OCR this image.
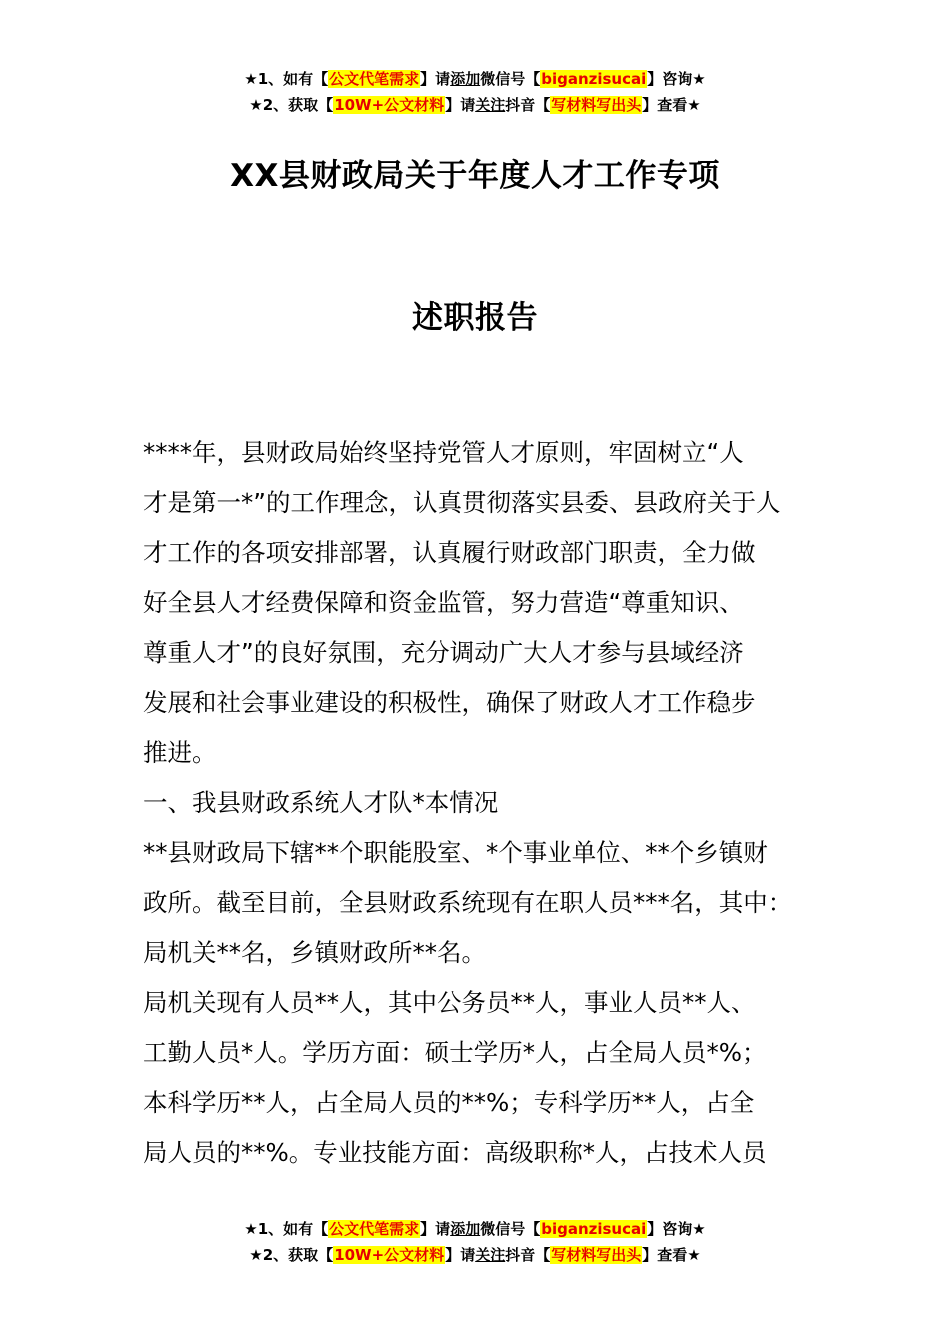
★1、如有【公文代笔需求】请添加微信号【biganzisucai】咨询★
★2、获取【10W+公文材料】请关注抖音【写材料写出头】查看★
XX县财政局关于年度人才工作专项
述职报告
****年，县财政局始终坚持党管人才原则，牢固树立“人
才是第一*”的工作理念，认真贯彻落实县委、县政府关于人
才工作的各项安排部署，认真履行财政部门职责，全力做
好全县人才经费保障和资金监管，努力营造“尊重知识、
尊重人才”的良好氛围，充分调动广大人才参与县域经济
发展和社会事业建设的积极性，确保了财政人才工作稳步
推进。
一、我县财政系统人才队*本情况
**县财政局下辖**个职能股室、*个事业单位、**个乡镇财
政所。截至目前，全县财政系统现有在职人员***名，其中：
局机关**名，乡镇财政所**名。
局机关现有人员**人，其中公务员**人，事业人员**人、
工勤人员*人。学历方面：硕士学历*人，占全局人员*%；
本科学历**人，占全局人员的**%；专科学历**人，占全
局人员的**%。专业技能方面：高级职称*人，占技术人员
★1、如有【公文代笔需求】请添加微信号【biganzisucai】咨询★
★2、获取【10W+公文材料】请关注抖音【写材料写出头】查看★
